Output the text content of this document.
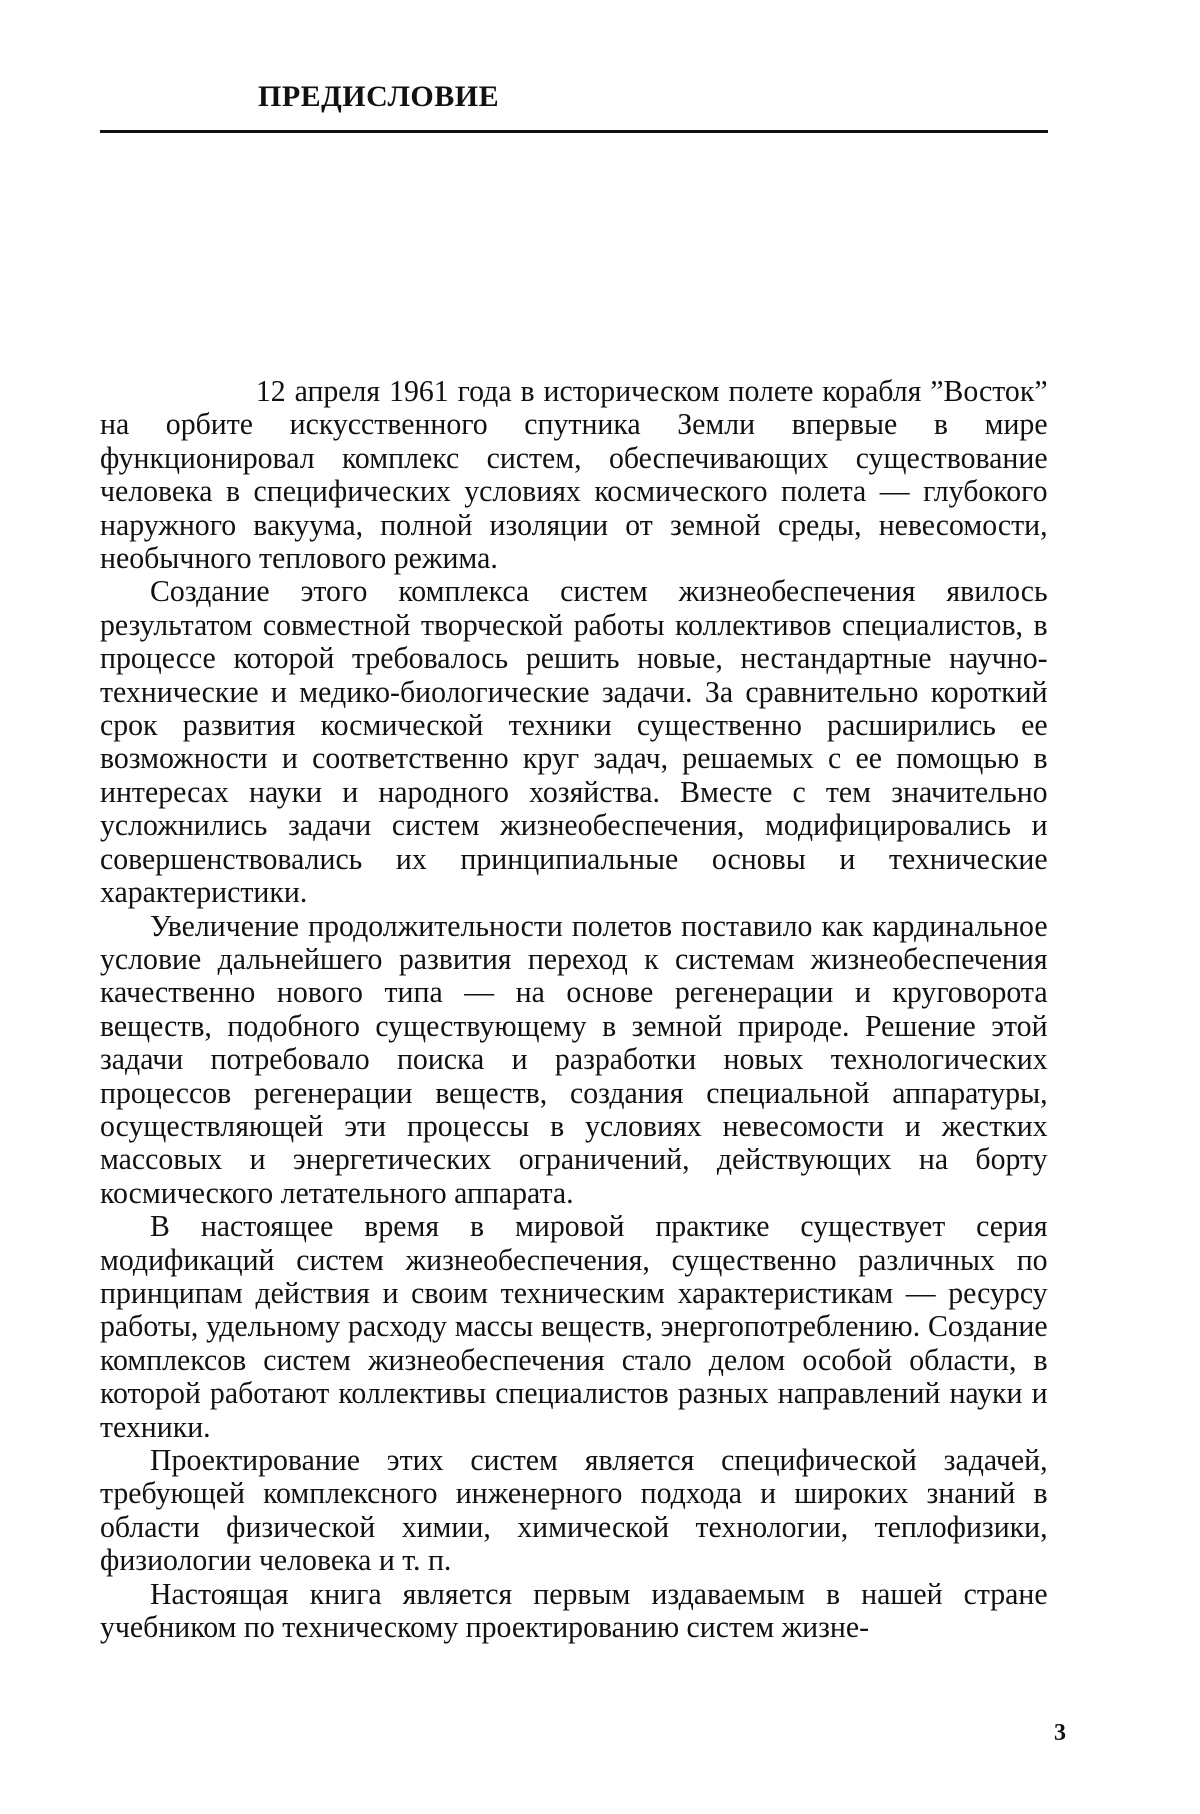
ПРЕДИСЛОВИЕ

12 апреля 1961 года в историческом полете корабля ”Восток” на орбите искусственного спутника Земли впервые в мире функционировал комплекс систем, обеспечивающих существование человека в специфических условиях космического полета — глубокого наружного вакуума, полной изоляции от земной среды, невесомости, необычного теплового режима.

Создание этого комплекса систем жизнеобеспечения явилось результатом совместной творческой работы коллективов специалистов, в процессе которой требовалось решить новые, нестандартные научно-технические и медико-биологические задачи. За сравнительно короткий срок развития космической техники существенно расширились ее возможности и соответственно круг задач, решаемых с ее помощью в интересах науки и народного хозяйства. Вместе с тем значительно усложнились задачи систем жизнеобеспечения, модифицировались и совершенствовались их принципиальные основы и технические характеристики.

Увеличение продолжительности полетов поставило как кардинальное условие дальнейшего развития переход к системам жизнеобеспечения качественно нового типа — на основе регенерации и круговорота веществ, подобного существующему в земной природе. Решение этой задачи потребовало поиска и разработки новых технологических процессов регенерации веществ, создания специальной аппаратуры, осуществляющей эти процессы в условиях невесомости и жестких массовых и энергетических ограничений, действующих на борту космического летательного аппарата.

В настоящее время в мировой практике существует серия модификаций систем жизнеобеспечения, существенно различных по принципам действия и своим техническим характеристикам — ресурсу работы, удельному расходу массы веществ, энергопотреблению. Создание комплексов систем жизнеобеспечения стало делом особой области, в которой работают коллективы специалистов разных направлений науки и техники.

Проектирование этих систем является специфической задачей, требующей комплексного инженерного подхода и широких знаний в области физической химии, химической технологии, теплофизики, физиологии человека и т. п.

Настоящая книга является первым издаваемым в нашей стране учебником по техническому проектированию систем жизне-

3
